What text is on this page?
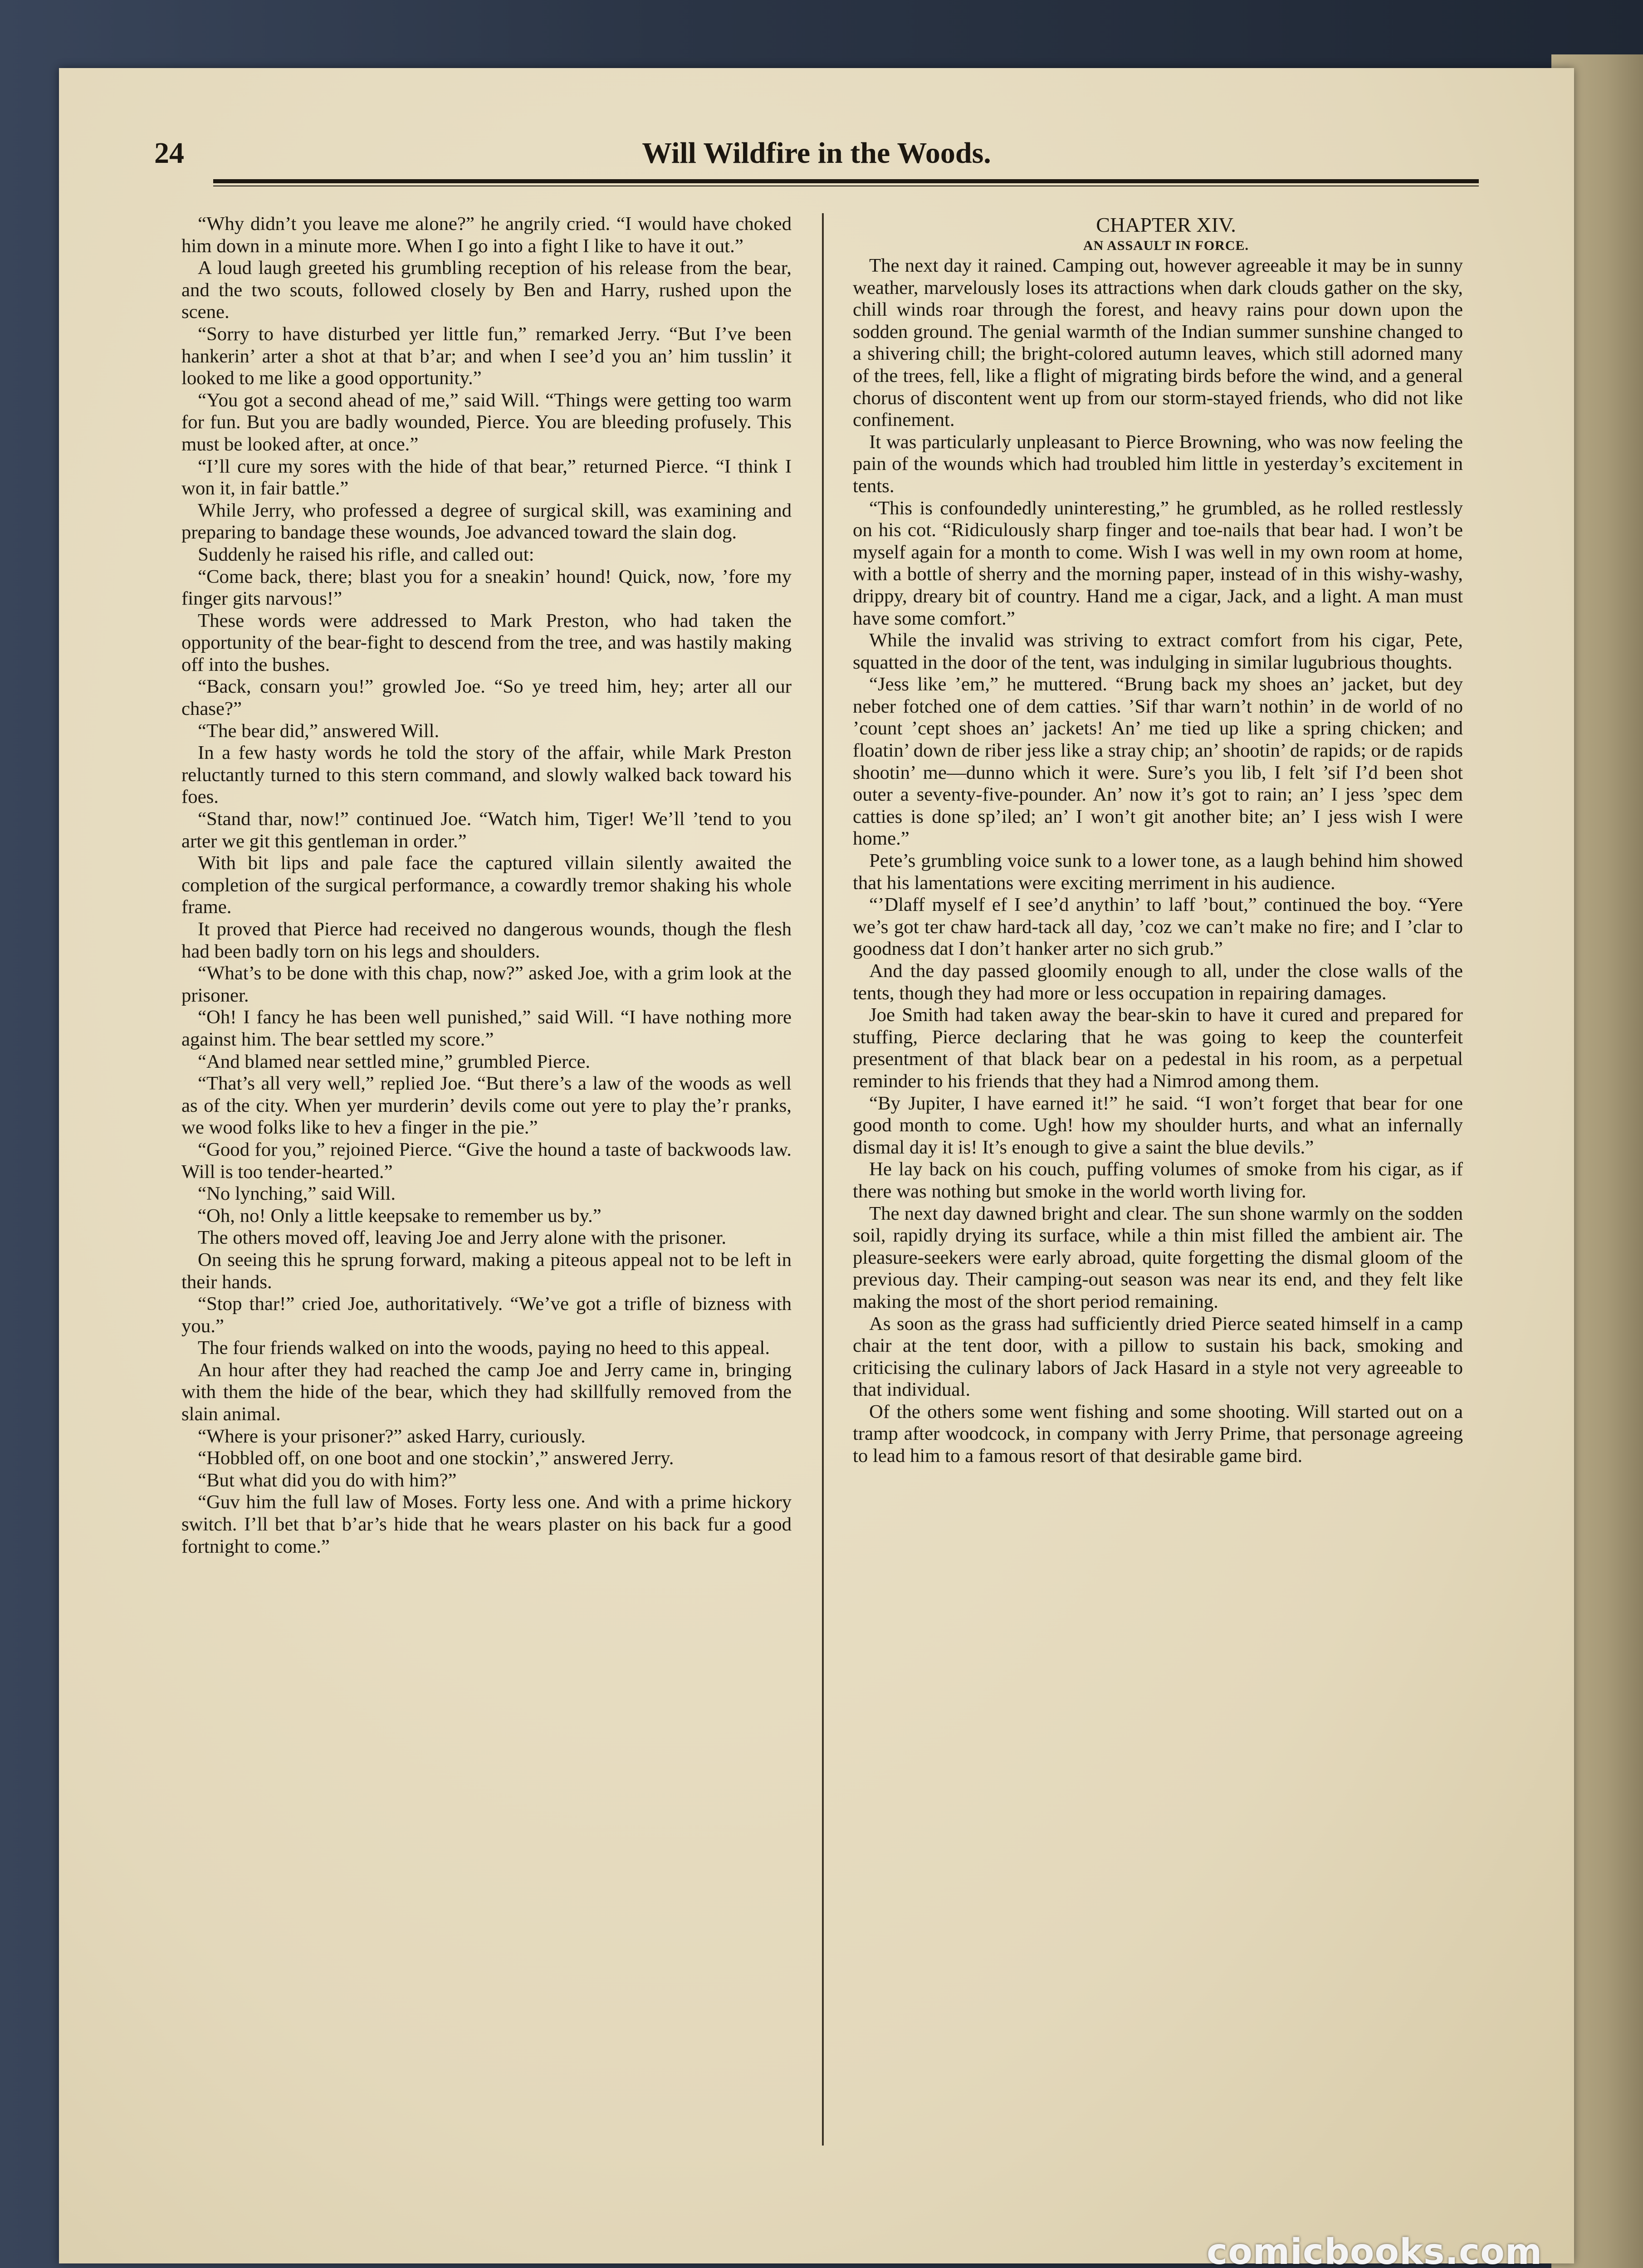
24	Will Wildfire in the Woods.

“Why didn’t you leave me alone?” he angrily cried. “I would have choked him down in a minute more. When I go into a fight I like to have it out.”

A loud laugh greeted his grumbling reception of his release from the bear, and the two scouts, followed closely by Ben and Harry, rushed upon the scene.

“Sorry to have disturbed yer little fun,” remarked Jerry. “But I’ve been hankerin’ arter a shot at that b’ar; and when I see’d you an’ him tusslin’ it looked to me like a good opportunity.”

“You got a second ahead of me,” said Will. “Things were getting too warm for fun. But you are badly wounded, Pierce. You are bleeding profusely. This must be looked after, at once.”

“I’ll cure my sores with the hide of that bear,” returned Pierce. “I think I won it, in fair battle.”

While Jerry, who professed a degree of surgical skill, was examining and preparing to bandage these wounds, Joe advanced toward the slain dog.

Suddenly he raised his rifle, and called out:

“Come back, there; blast you for a sneakin’ hound! Quick, now, ’fore my finger gits narvous!”

These words were addressed to Mark Preston, who had taken the opportunity of the bear-fight to descend from the tree, and was hastily making off into the bushes.

“Back, consarn you!” growled Joe. “So ye treed him, hey; arter all our chase?”

“The bear did,” answered Will.

In a few hasty words he told the story of the affair, while Mark Preston reluctantly turned to this stern command, and slowly walked back toward his foes.

“Stand thar, now!” continued Joe. “Watch him, Tiger! We’ll ’tend to you arter we git this gentleman in order.”

With bit lips and pale face the captured villain silently awaited the completion of the surgical performance, a cowardly tremor shaking his whole frame.

It proved that Pierce had received no dangerous wounds, though the flesh had been badly torn on his legs and shoulders.

“What’s to be done with this chap, now?” asked Joe, with a grim look at the prisoner.

“Oh! I fancy he has been well punished,” said Will. “I have nothing more against him. The bear settled my score.”

“And blamed near settled mine,” grumbled Pierce.

“That’s all very well,” replied Joe. “But there’s a law of the woods as well as of the city. When yer murderin’ devils come out yere to play the’r pranks, we wood folks like to hev a finger in the pie.”

“Good for you,” rejoined Pierce. “Give the hound a taste of backwoods law. Will is too tender-hearted.”

“No lynching,” said Will.

“Oh, no! Only a little keepsake to remember us by.”

The others moved off, leaving Joe and Jerry alone with the prisoner.

On seeing this he sprung forward, making a piteous appeal not to be left in their hands.

“Stop thar!” cried Joe, authoritatively. “We’ve got a trifle of bizness with you.”

The four friends walked on into the woods, paying no heed to this appeal.

An hour after they had reached the camp Joe and Jerry came in, bringing with them the hide of the bear, which they had skillfully removed from the slain animal.

“Where is your prisoner?” asked Harry, curiously.

“Hobbled off, on one boot and one stockin’,” answered Jerry.

“But what did you do with him?”

“Guv him the full law of Moses. Forty less one. And with a prime hickory switch. I’ll bet that b’ar’s hide that he wears plaster on his back fur a good fortnight to come.”

CHAPTER XIV.

AN ASSAULT IN FORCE.

The next day it rained. Camping out, however agreeable it may be in sunny weather, marvelously loses its attractions when dark clouds gather on the sky, chill winds roar through the forest, and heavy rains pour down upon the sodden ground. The genial warmth of the Indian summer sunshine changed to a shivering chill; the bright-colored autumn leaves, which still adorned many of the trees, fell, like a flight of migrating birds before the wind, and a general chorus of discontent went up from our storm-stayed friends, who did not like confinement.

It was particularly unpleasant to Pierce Browning, who was now feeling the pain of the wounds which had troubled him little in yesterday’s excitement in tents.

“This is confoundedly uninteresting,” he grumbled, as he rolled restlessly on his cot. “Ridiculously sharp finger and toe-nails that bear had. I won’t be myself again for a month to come. Wish I was well in my own room at home, with a bottle of sherry and the morning paper, instead of in this wishy-washy, drippy, dreary bit of country. Hand me a cigar, Jack, and a light. A man must have some comfort.”

While the invalid was striving to extract comfort from his cigar, Pete, squatted in the door of the tent, was indulging in similar lugubrious thoughts.

“Jess like ’em,” he muttered. “Brung back my shoes an’ jacket, but dey neber fotched one of dem catties. ’Sif thar warn’t nothin’ in de world of no ’count ’cept shoes an’ jackets! An’ me tied up like a spring chicken; and floatin’ down de riber jess like a stray chip; an’ shootin’ de rapids; or de rapids shootin’ me—dunno which it were. Sure’s you lib, I felt ’sif I’d been shot outer a seventy-five-pounder. An’ now it’s got to rain; an’ I jess ’spec dem catties is done sp’iled; an’ I won’t git another bite; an’ I jess wish I were home.”

Pete’s grumbling voice sunk to a lower tone, as a laugh behind him showed that his lamentations were exciting merriment in his audience.

“’Dlaff myself ef I see’d anythin’ to laff ’bout,” continued the boy. “Yere we’s got ter chaw hard-tack all day, ’coz we can’t make no fire; and I ’clar to goodness dat I don’t hanker arter no sich grub.”

And the day passed gloomily enough to all, under the close walls of the tents, though they had more or less occupation in repairing damages.

Joe Smith had taken away the bear-skin to have it cured and prepared for stuffing, Pierce declaring that he was going to keep the counterfeit presentment of that black bear on a pedestal in his room, as a perpetual reminder to his friends that they had a Nimrod among them.

“By Jupiter, I have earned it!” he said. “I won’t forget that bear for one good month to come. Ugh! how my shoulder hurts, and what an infernally dismal day it is! It’s enough to give a saint the blue devils.”

He lay back on his couch, puffing volumes of smoke from his cigar, as if there was nothing but smoke in the world worth living for.

The next day dawned bright and clear. The sun shone warmly on the sodden soil, rapidly drying its surface, while a thin mist filled the ambient air. The pleasure-seekers were early abroad, quite forgetting the dismal gloom of the previous day. Their camping-out season was near its end, and they felt like making the most of the short period remaining.

As soon as the grass had sufficiently dried Pierce seated himself in a camp chair at the tent door, with a pillow to sustain his back, smoking and criticising the culinary labors of Jack Hasard in a style not very agreeable to that individual.

Of the others some went fishing and some shooting. Will started out on a tramp after woodcock, in company with Jerry Prime, that personage agreeing to lead him to a famous resort of that desirable game bird.

comicbooks.com
